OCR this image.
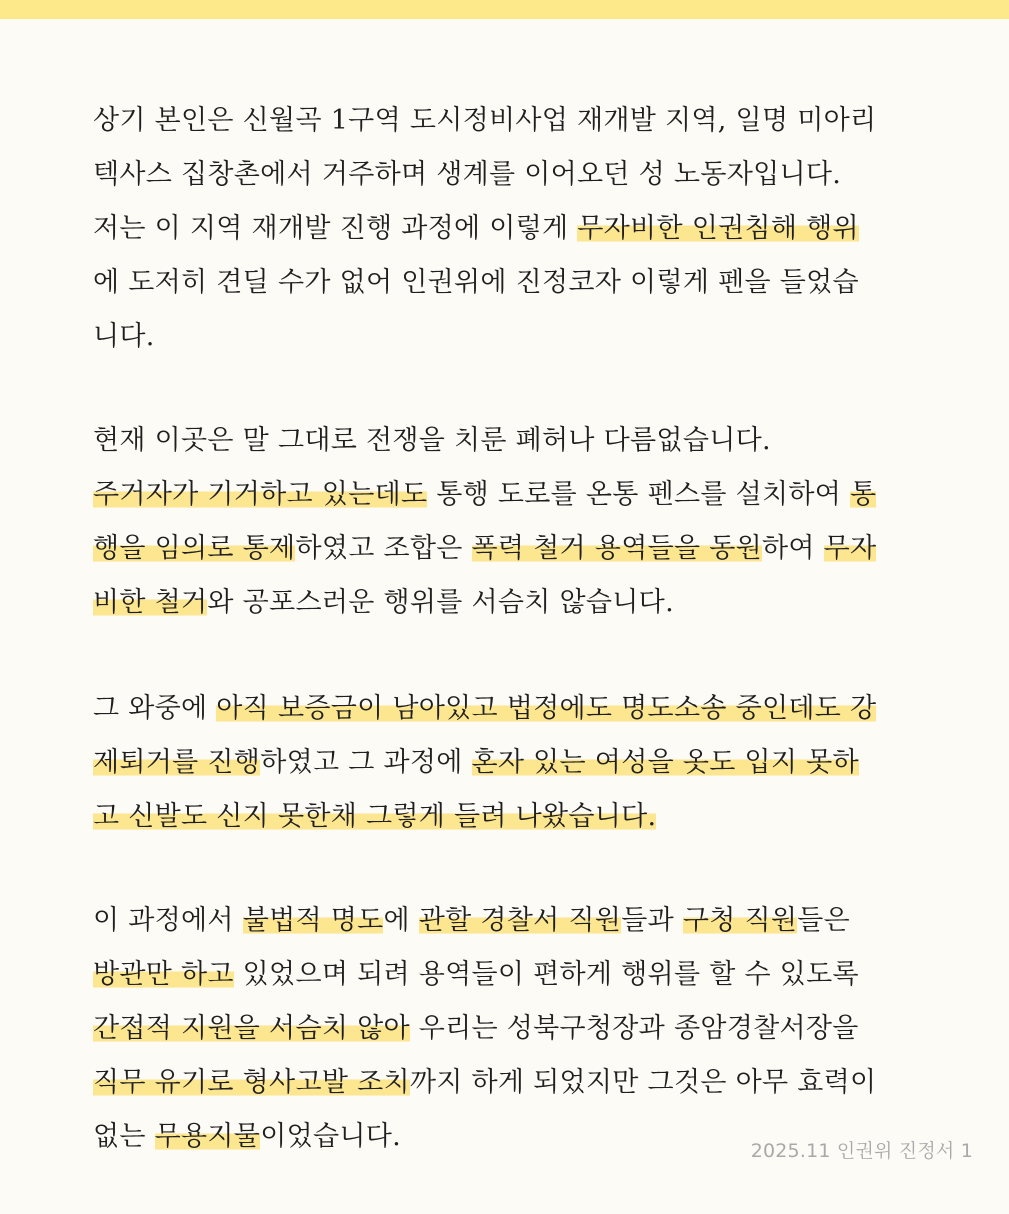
상기 본인은 신월곡 1구역 도시정비사업 재개발 지역, 일명 미아리
텍사스 집창촌에서 거주하며 생계를 이어오던 성 노동자입니다.
저는 이 지역 재개발 진행 과정에 이렇게 무자비한 인권침해 행위
에 도저히 견딜 수가 없어 인권위에 진정코자 이렇게 펜을 들었습
니다.

현재 이곳은 말 그대로 전쟁을 치룬 폐허나 다름없습니다.
주거자가 기거하고 있는데도 통행 도로를 온통 펜스를 설치하여 통
행을 임의로 통제하였고 조합은 폭력 철거 용역들을 동원하여 무자
비한 철거와 공포스러운 행위를 서슴치 않습니다.

그 와중에 아직 보증금이 남아있고 법정에도 명도소송 중인데도 강
제퇴거를 진행하였고 그 과정에 혼자 있는 여성을 옷도 입지 못하
고 신발도 신지 못한채 그렇게 들려 나왔습니다.

이 과정에서 불법적 명도에 관할 경찰서 직원들과 구청 직원들은
방관만 하고 있었으며 되려 용역들이 편하게 행위를 할 수 있도록
간접적 지원을 서슴치 않아 우리는 성북구청장과 종암경찰서장을
직무 유기로 형사고발 조치까지 하게 되었지만 그것은 아무 효력이
없는 무용지물이었습니다.	2025.11 인권위 진정서 1
